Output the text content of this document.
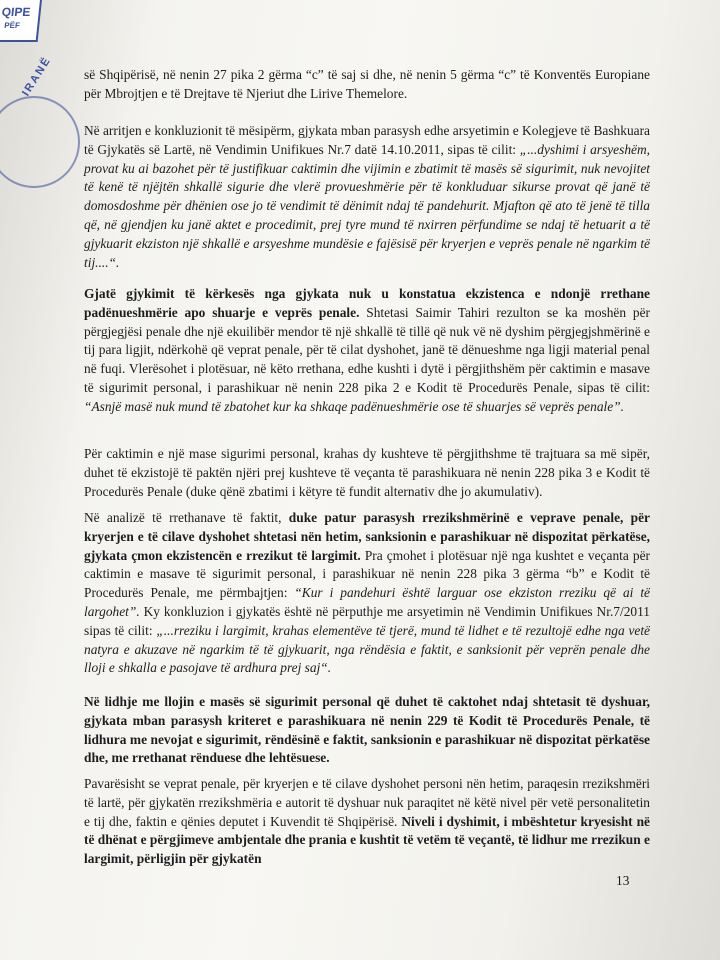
QIPE
PËF
IRANË së Shqipërisë, në nenin 27 pika 2 gërma “c” të saj si dhe, në nenin 5 gërma “c” të Konventës Europiane për Mbrojtjen e të Drejtave të Njeriut dhe Lirive Themelore.

Në arritjen e konkluzionit të mësipërm, gjykata mban parasysh edhe arsyetimin e Kolegjeve të Bashkuara të Gjykatës së Lartë, në Vendimin Unifikues Nr.7 datë 14.10.2011, sipas të cilit: „...dyshimi i arsyeshëm, provat ku ai bazohet për të justifikuar caktimin dhe vijimin e zbatimit të masës së sigurimit, nuk nevojitet të kenë të njëjtën shkallë sigurie dhe vlerë provueshmërie për të konkluduar sikurse provat që janë të domosdoshme për dhënien ose jo të vendimit të dënimit ndaj të pandehurit. Mjafton që ato të jenë të tilla që, në gjendjen ku janë aktet e procedimit, prej tyre mund të nxirren përfundime se ndaj të hetuarit a të gjykuarit ekziston një shkallë e arsyeshme mundësie e fajësisë për kryerjen e veprës penale në ngarkim të tij....“.

Gjatë gjykimit të kërkesës nga gjykata nuk u konstatua ekzistenca e ndonjë rrethane padënueshmërie apo shuarje e veprës penale. Shtetasi Saimir Tahiri rezulton se ka moshën për përgjegjësi penale dhe një ekuilibër mendor të një shkallë të tillë që nuk vë në dyshim përgjegjshmërinë e tij para ligjit, ndërkohë që veprat penale, për të cilat dyshohet, janë të dënueshme nga ligji material penal në fuqi. Vlerësohet i plotësuar, në këto rrethana, edhe kushti i dytë i përgjithshëm për caktimin e masave të sigurimit personal, i parashikuar në nenin 228 pika 2 e Kodit të Procedurës Penale, sipas të cilit: “Asnjë masë nuk mund të zbatohet kur ka shkaqe padënueshmërie ose të shuarjes së veprës penale”.

Për caktimin e një mase sigurimi personal, krahas dy kushteve të përgjithshme të trajtuara sa më sipër, duhet të ekzistojë të paktën njëri prej kushteve të veçanta të parashikuara në nenin 228 pika 3 e Kodit të Procedurës Penale (duke qënë zbatimi i këtyre të fundit alternativ dhe jo akumulativ).

Në analizë të rrethanave të faktit, duke patur parasysh rrezikshmërinë e veprave penale, për kryerjen e të cilave dyshohet shtetasi nën hetim, sanksionin e parashikuar në dispozitat përkatëse, gjykata çmon ekzistencën e rrezikut të largimit. Pra çmohet i plotësuar një nga kushtet e veçanta për caktimin e masave të sigurimit personal, i parashikuar në nenin 228 pika 3 gërma “b” e Kodit të Procedurës Penale, me përmbajtjen: “Kur i pandehuri është larguar ose ekziston rreziku që ai të largohet”. Ky konkluzion i gjykatës është në përputhje me arsyetimin në Vendimin Unifikues Nr.7/2011 sipas të cilit: „...rreziku i largimit, krahas elementëve të tjerë, mund të lidhet e të rezultojë edhe nga vetë natyra e akuzave në ngarkim të të gjykuarit, nga rëndësia e faktit, e sanksionit për veprën penale dhe lloji e shkalla e pasojave të ardhura prej saj“.

Në lidhje me llojin e masës së sigurimit personal që duhet të caktohet ndaj shtetasit të dyshuar, gjykata mban parasysh kriteret e parashikuara në nenin 229 të Kodit të Procedurës Penale, të lidhura me nevojat e sigurimit, rëndësinë e faktit, sanksionin e parashikuar në dispozitat përkatëse dhe, me rrethanat rënduese dhe lehtësuese.

Pavarësisht se veprat penale, për kryerjen e të cilave dyshohet personi nën hetim, paraqesin rrezikshmëri të lartë, për gjykatën rrezikshmëria e autorit të dyshuar nuk paraqitet në këtë nivel për vetë personalitetin e tij dhe, faktin e qënies deputet i Kuvendit të Shqipërisë. Niveli i dyshimit, i mbështetur kryesisht në të dhënat e përgjimeve ambjentale dhe prania e kushtit të vetëm të veçantë, të lidhur me rrezikun e largimit, përligjin për gjykatën

13
